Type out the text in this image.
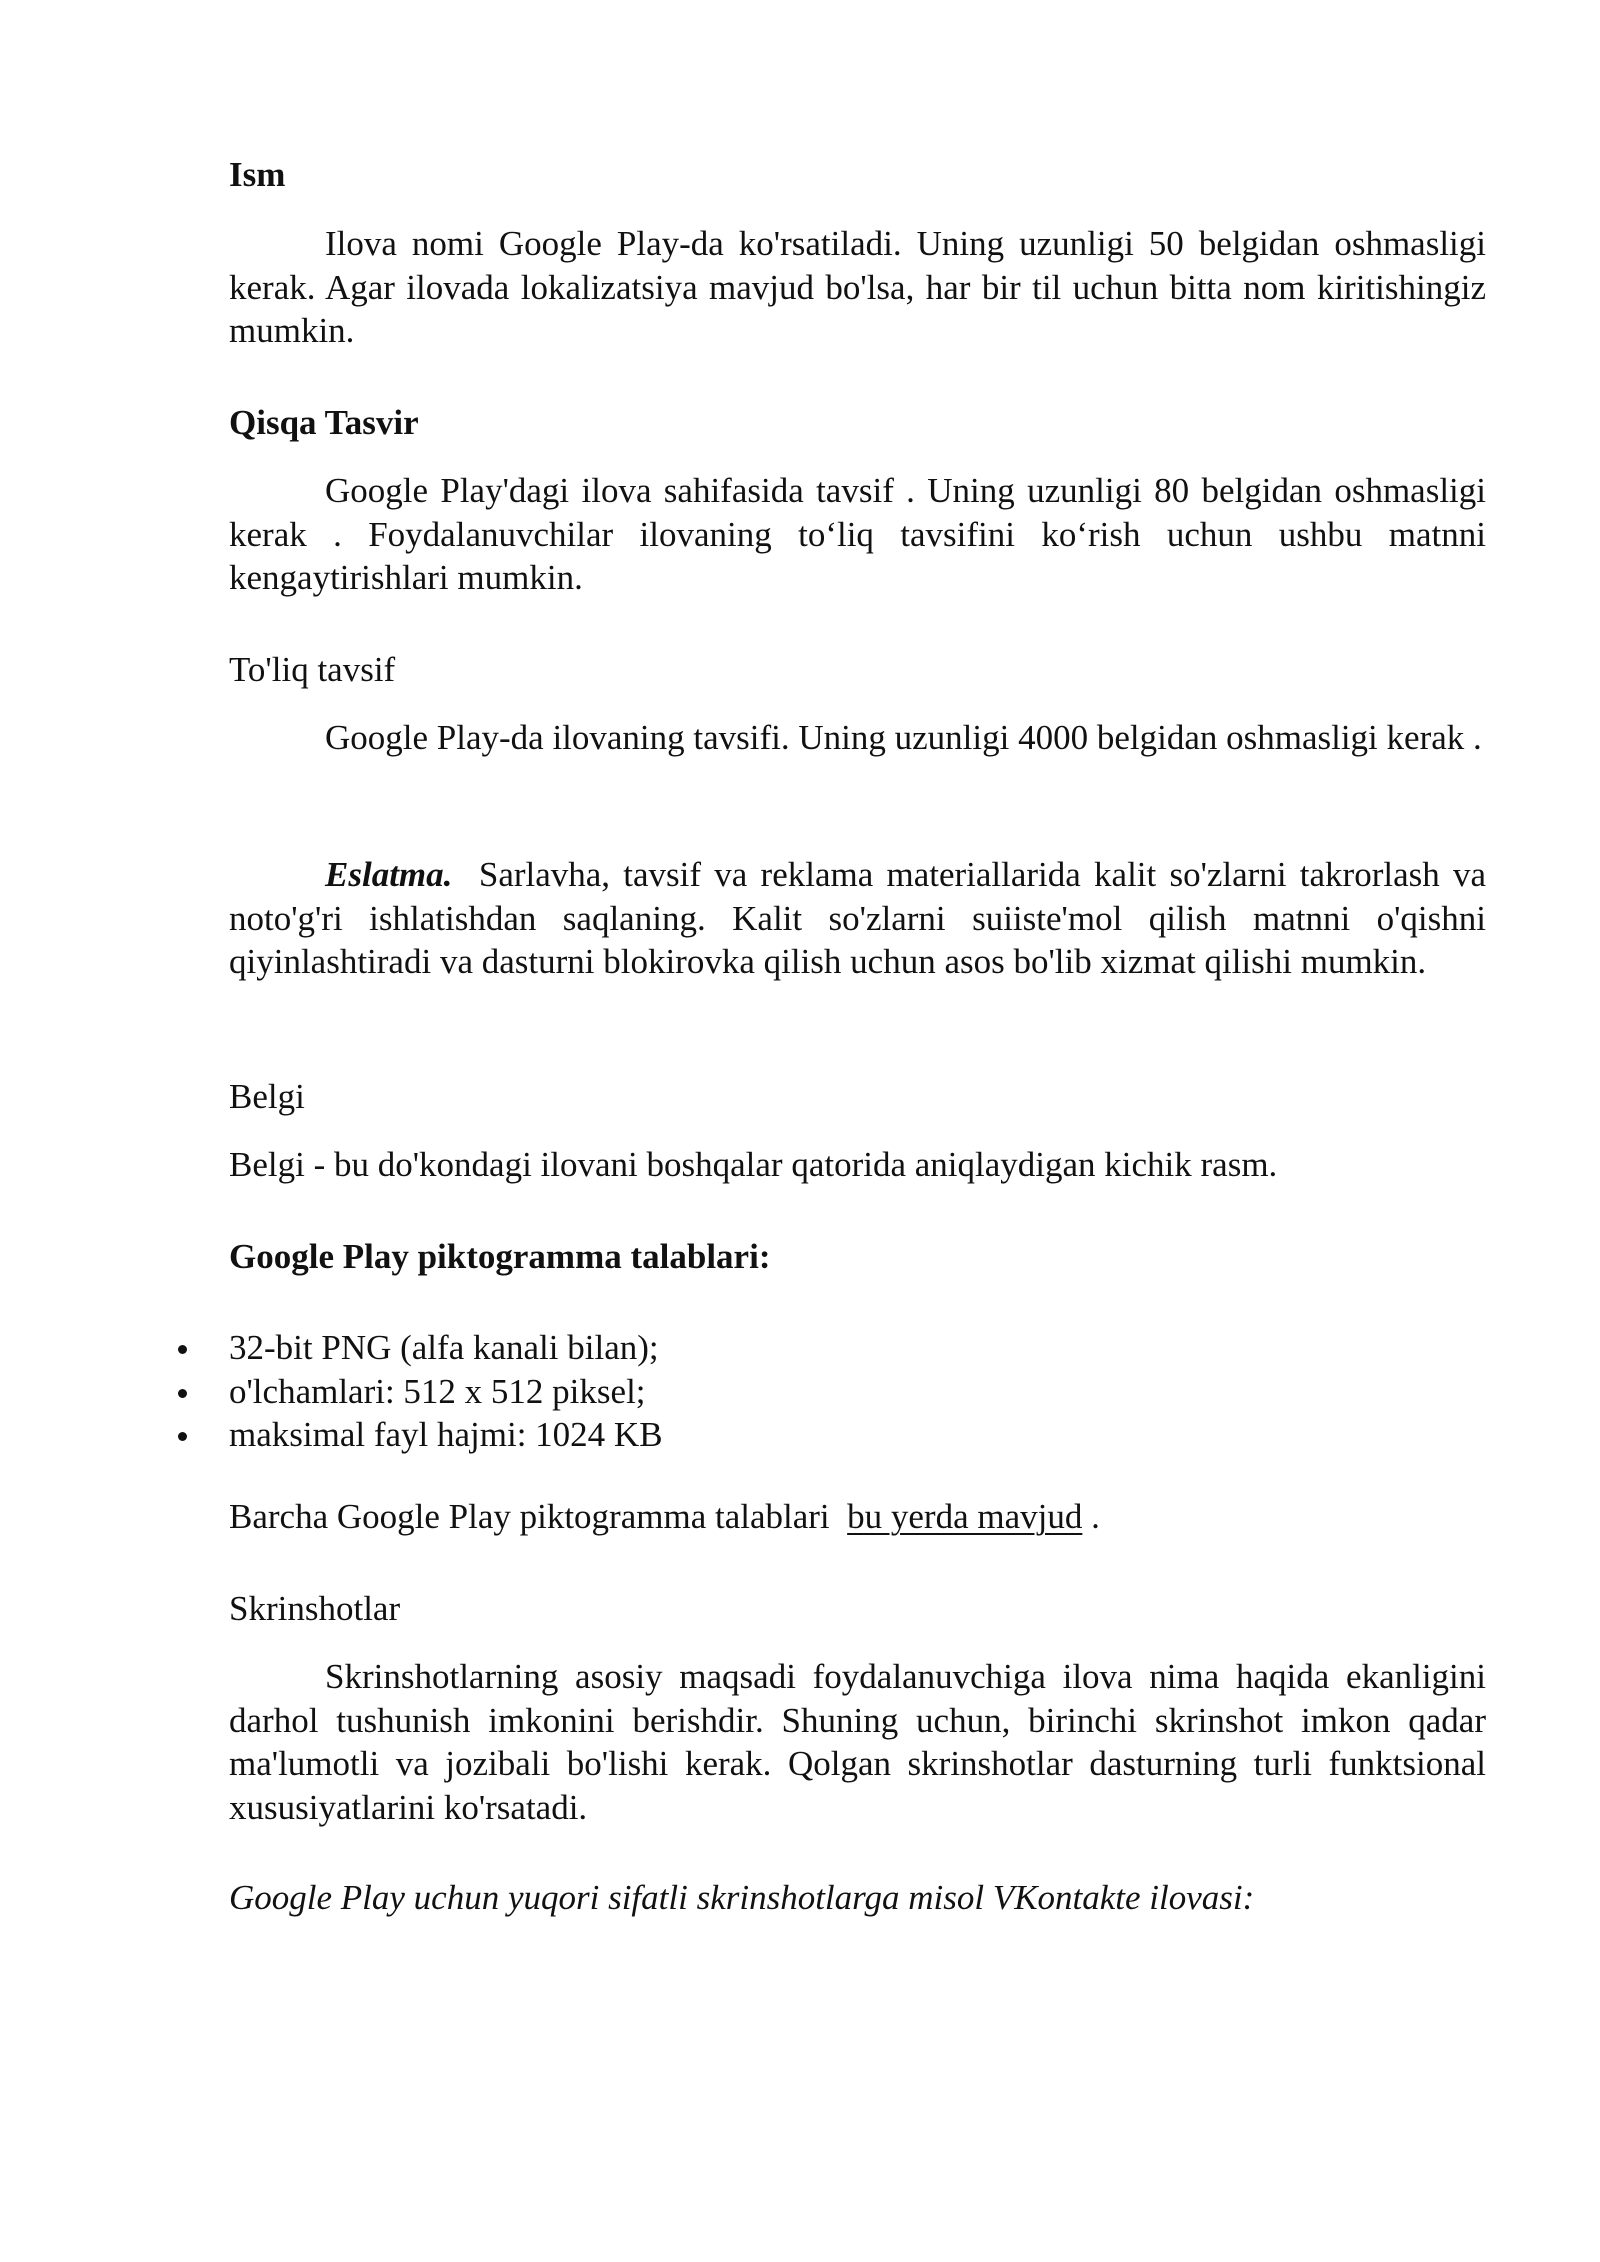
Ism

Ilova nomi Google Play-da ko'rsatiladi. Uning uzunligi 50 belgidan oshmasligi kerak. Agar ilovada lokalizatsiya mavjud bo'lsa, har bir til uchun bitta nom kiritishingiz mumkin.

Qisqa Tasvir

Google Play'dagi ilova sahifasida tavsif . Uning uzunligi 80 belgidan oshmasligi kerak . Foydalanuvchilar ilovaning to‘liq tavsifini ko‘rish uchun ushbu matnni kengaytirishlari mumkin.

To'liq tavsif

Google Play-da ilovaning tavsifi. Uning uzunligi 4000 belgidan oshmasligi kerak .

Eslatma. Sarlavha, tavsif va reklama materiallarida kalit so'zlarni takrorlash va noto'g'ri ishlatishdan saqlaning. Kalit so'zlarni suiiste'mol qilish matnni o'qishni qiyinlashtiradi va dasturni blokirovka qilish uchun asos bo'lib xizmat qilishi mumkin.

Belgi
Belgi - bu do'kondagi ilovani boshqalar qatorida aniqlaydigan kichik rasm.
Google Play piktogramma talablari:
32-bit PNG (alfa kanali bilan);
o'lchamlari: 512 x 512 piksel;
maksimal fayl hajmi: 1024 KB
Barcha Google Play piktogramma talablari bu yerda mavjud .
Skrinshotlar

Skrinshotlarning asosiy maqsadi foydalanuvchiga ilova nima haqida ekanligini darhol tushunish imkonini berishdir. Shuning uchun, birinchi skrinshot imkon qadar ma'lumotli va jozibali bo'lishi kerak. Qolgan skrinshotlar dasturning turli funktsional xususiyatlarini ko'rsatadi.

Google Play uchun yuqori sifatli skrinshotlarga misol VKontakte ilovasi:
